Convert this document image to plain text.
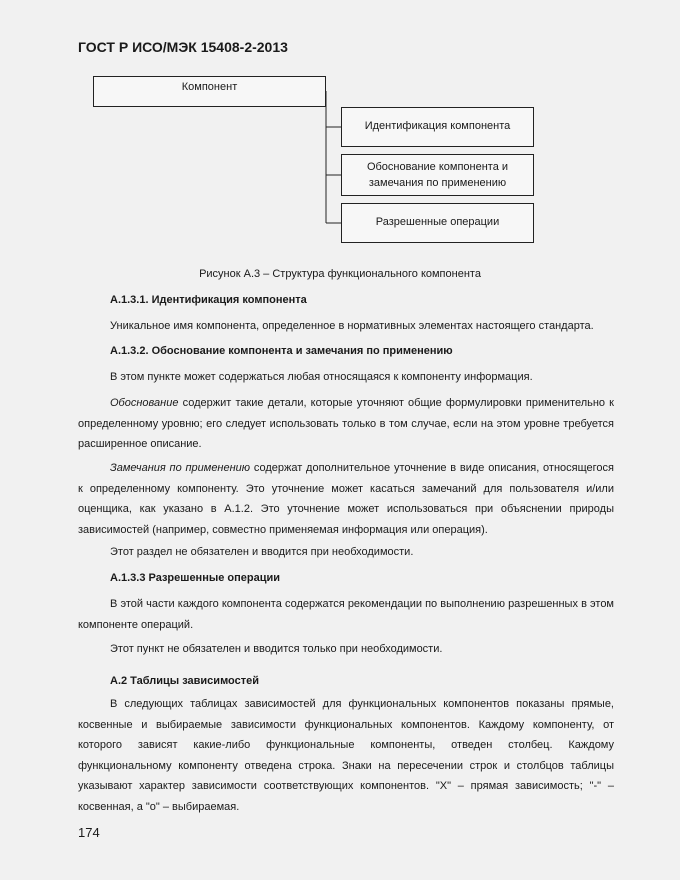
ГОСТ Р ИСО/МЭК 15408-2-2013
Компонент
Идентификация компонента
Обоснование компонента и замечания по применению
Разрешенные операции
Рисунок А.3 – Структура функционального компонента
А.1.3.1. Идентификация компонента
Уникальное имя компонента, определенное в нормативных элементах настоящего стандарта.
А.1.3.2. Обоснование компонента и замечания по применению
В этом пункте может содержаться любая относящаяся к компоненту информация.
Обоснование содержит такие детали, которые уточняют общие формулировки применительно к определенному уровню; его следует использовать только в том случае, если на этом уровне требуется расширенное описание.
Замечания по применению содержат дополнительное уточнение в виде описания, относящегося к определенному компоненту. Это уточнение может касаться замечаний для пользователя и/или оценщика, как указано в А.1.2. Это уточнение может использоваться при объяснении природы зависимостей (например, совместно применяемая информация или операция).
Этот раздел не обязателен и вводится при необходимости.
А.1.3.3 Разрешенные операции
В этой части каждого компонента содержатся рекомендации по выполнению разрешенных в этом компоненте операций.
Этот пункт не обязателен и вводится только при необходимости.
А.2 Таблицы зависимостей
В следующих таблицах зависимостей для функциональных компонентов показаны прямые, косвенные и выбираемые зависимости функциональных компонентов. Каждому компоненту, от которого зависят какие-либо функциональные компоненты, отведен столбец. Каждому функциональному компоненту отведена строка. Знаки на пересечении строк и столбцов таблицы указывают характер зависимости соответствующих компонентов. "X" – прямая зависимость; "-" – косвенная, а "o" – выбираемая.
174
